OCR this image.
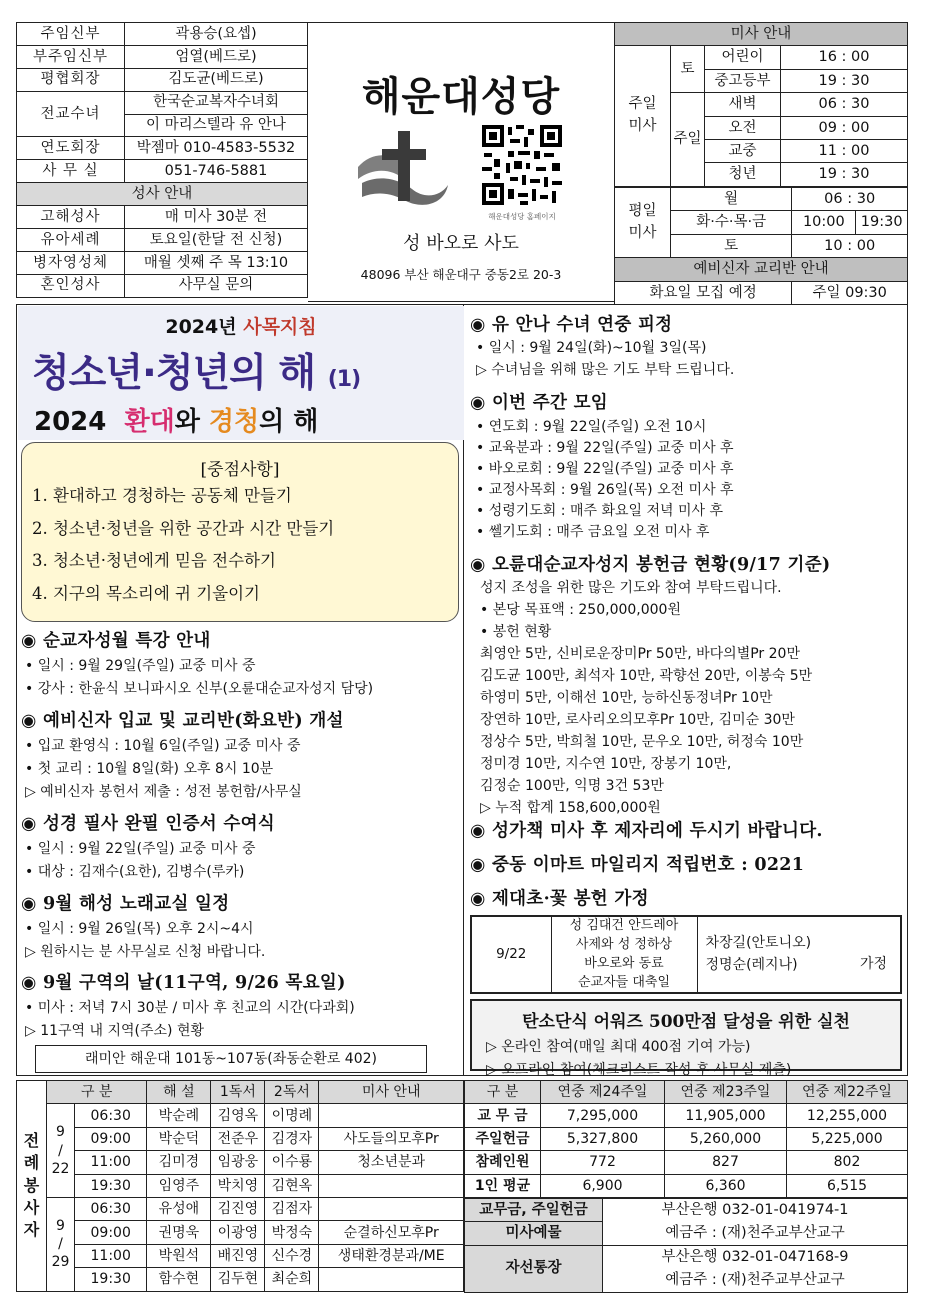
주임신부	곽용승(요셉)
부주임신부	엄열(베드로)
평협회장	김도균(베드로)
전교수녀	한국순교복자수녀회
	이 마리스텔라 유 안나
연도회장	박젬마 010-4583-5532
사 무 실	051-746-5881
성사 안내	
고해성사	매 미사 30분 전
유아세례	토요일(한달 전 신청)
병자영성체	매월 셋째 주 목 13:10
혼인성사	사무실 문의
해운대성당
해운대성당 홈페이지
성 바오로 사도
48096 부산 해운대구 중동2로 20-3
미사 안내			
주일
미사	토	어린이	16 : 00
		중고등부	19 : 30
	주일	새벽	06 : 30
		오전	09 : 00
		교중	11 : 00
		청년	19 : 30
평일
미사	월	06 : 30	
	화·수·목·금	10:00	19:30
	토	10 : 00	
예비신자 교리반 안내			
화요일 모집 예정		주일 09:30	
2024년 사목지침
청소년·청년의 해 (1)
2024 환대와 경청의 해
[중점사항]
1. 환대하고 경청하는 공동체 만들기
2. 청소년·청년을 위한 공간과 시간 만들기
3. 청소년·청년에게 믿음 전수하기
4. 지구의 목소리에 귀 기울이기
◉ 순교자성월 특강 안내
• 일시 : 9월 29일(주일) 교중 미사 중
• 강사 : 한윤식 보니파시오 신부(오륜대순교자성지 담당)
◉ 예비신자 입교 및 교리반(화요반) 개설
• 입교 환영식 : 10월 6일(주일) 교중 미사 중
• 첫 교리 : 10월 8일(화) 오후 8시 10분
▷ 예비신자 봉헌서 제출 : 성전 봉헌함/사무실
◉ 성경 필사 완필 인증서 수여식
• 일시 : 9월 22일(주일) 교중 미사 중
• 대상 : 김재수(요한), 김병수(루카)
◉ 9월 해성 노래교실 일정
• 일시 : 9월 26일(목) 오후 2시~4시
▷ 원하시는 분 사무실로 신청 바랍니다.
◉ 9월 구역의 날(11구역, 9/26 목요일)
• 미사 : 저녁 7시 30분 / 미사 후 친교의 시간(다과회)
▷ 11구역 내 지역(주소) 현황
래미안 해운대 101동~107동(좌동순환로 402)
◉ 유 안나 수녀 연중 피정
• 일시 : 9월 24일(화)~10월 3일(목)
▷ 수녀님을 위해 많은 기도 부탁 드립니다.
◉ 이번 주간 모임
• 연도회 : 9월 22일(주일) 오전 10시
• 교육분과 : 9월 22일(주일) 교중 미사 후
• 바오로회 : 9월 22일(주일) 교중 미사 후
• 교정사목회 : 9월 26일(목) 오전 미사 후
• 성령기도회 : 매주 화요일 저녁 미사 후
• 쎌기도회 : 매주 금요일 오전 미사 후
◉ 오륜대순교자성지 봉헌금 현황(9/17 기준)
성지 조성을 위한 많은 기도와 참여 부탁드립니다.
• 본당 목표액 : 250,000,000원
• 봉헌 현황
최영안 5만, 신비로운장미Pr 50만, 바다의별Pr 20만
김도균 100만, 최석자 10만, 곽향선 20만, 이봉숙 5만
하영미 5만, 이해선 10만, 능하신동정녀Pr 10만
장연하 10만, 로사리오의모후Pr 10만, 김미순 30만
정상수 5만, 박희철 10만, 문우오 10만, 허정숙 10만
정미경 10만, 지수연 10만, 장봉기 10만,
김정순 100만, 익명 3건 53만
▷ 누적 합계 158,600,000원
◉ 성가책 미사 후 제자리에 두시기 바랍니다.
◉ 중동 이마트 마일리지 적립번호 : 0221
◉ 제대초·꽃 봉헌 가정
9/22	
성 김대건 안드레아
사제와 성 정하상
바오로와 동료
순교자들 대축일

차장길(안토니오)
정명순(레지나)	가정
탄소단식 어워즈 500만점 달성을 위한 실천
▷ 온라인 참여(매일 최대 400점 기여 가능)
▷ 오프라인 참여(체크리스트 작성 후 사무실 제출)
전례봉사자	구 분		해 설	1독서	2독서	미사 안내

	9
/
22	06:30	박순례	김영옥	이명례	
		09:00	박순덕	전준우	김경자	사도들의모후Pr
		11:00	김미경	임광웅	이수룡	청소년분과
		19:30	임영주	박치영	김현옥	

	9
/
29	06:30	유성애	김진영	김점자	
		09:00	권명욱	이광영	박정숙	순결하신모후Pr
		11:00	박원석	배진영	신수경	생태환경분과/ME
		19:30	함수현	김두현	최순희	
구 분	연중 제24주일	연중 제23주일	연중 제22주일
교 무 금	7,295,000	11,905,000	12,255,000
주일헌금	5,327,800	5,260,000	5,225,000
참례인원	772	827	802
1인 평균	6,900	6,360	6,515
교무금, 주일헌금	부산은행 032-01-041974-1
미사예물	예금주 : (재)천주교부산교구
자선통장	부산은행 032-01-047168-9
	예금주 : (재)천주교부산교구
